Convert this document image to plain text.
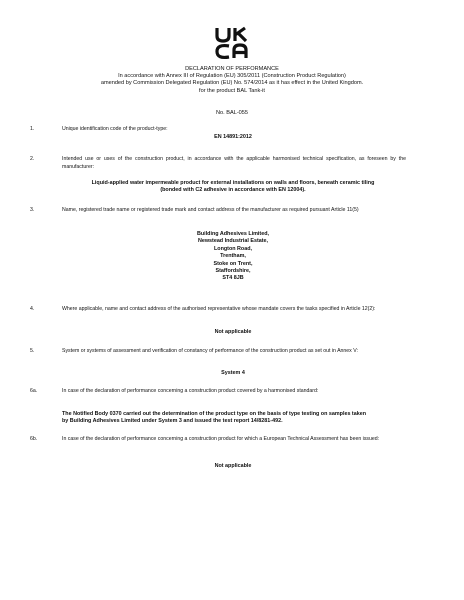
DECLARATION OF PERFORMANCE
In accordance with Annex III of Regulation (EU) 305/2011 (Construction Product Regulation)
amended by Commission Delegated Regulation (EU) No. 574/2014 as it has effect in the United Kingdom.
for the product BAL Tank-it
No. BAL-055
1.	Unique identification code of the product-type:
EN 14891:2012
2.	Intended use or uses of the construction product, in accordance with the applicable harmonised technical specification, as foreseen by the manufacturer:
Liquid-applied water impermeable product for external installations on walls and floors, beneath ceramic tiling
(bonded with C2 adhesive in accordance with EN 12004).
3.	Name, registered trade name or registered trade mark and contact address of the manufacturer as required pursuant Article 11(5)
Building Adhesives Limited,
Newstead Industrial Estate,
Longton Road,
Trentham,
Stoke on Trent,
Staffordshire,
ST4 8JB
4.	Where applicable, name and contact address of the authorised representative whose mandate covers the tasks specified in Article 12(2):
Not applicable
5.	System or systems of assessment and verification of constancy of performance of the construction product as set out in Annex V:
System 4
6a.	In case of the declaration of performance concerning a construction product covered by a harmonised standard:
The Notified Body 0370 carried out the determination of the product type on the basis of type testing on samples taken
by Building Adhesives Limited under System 3 and issued the test report 14/8281-492.
6b.	In case of the declaration of performance concerning a construction product for which a European Technical Assessment has been issued:
Not applicable
